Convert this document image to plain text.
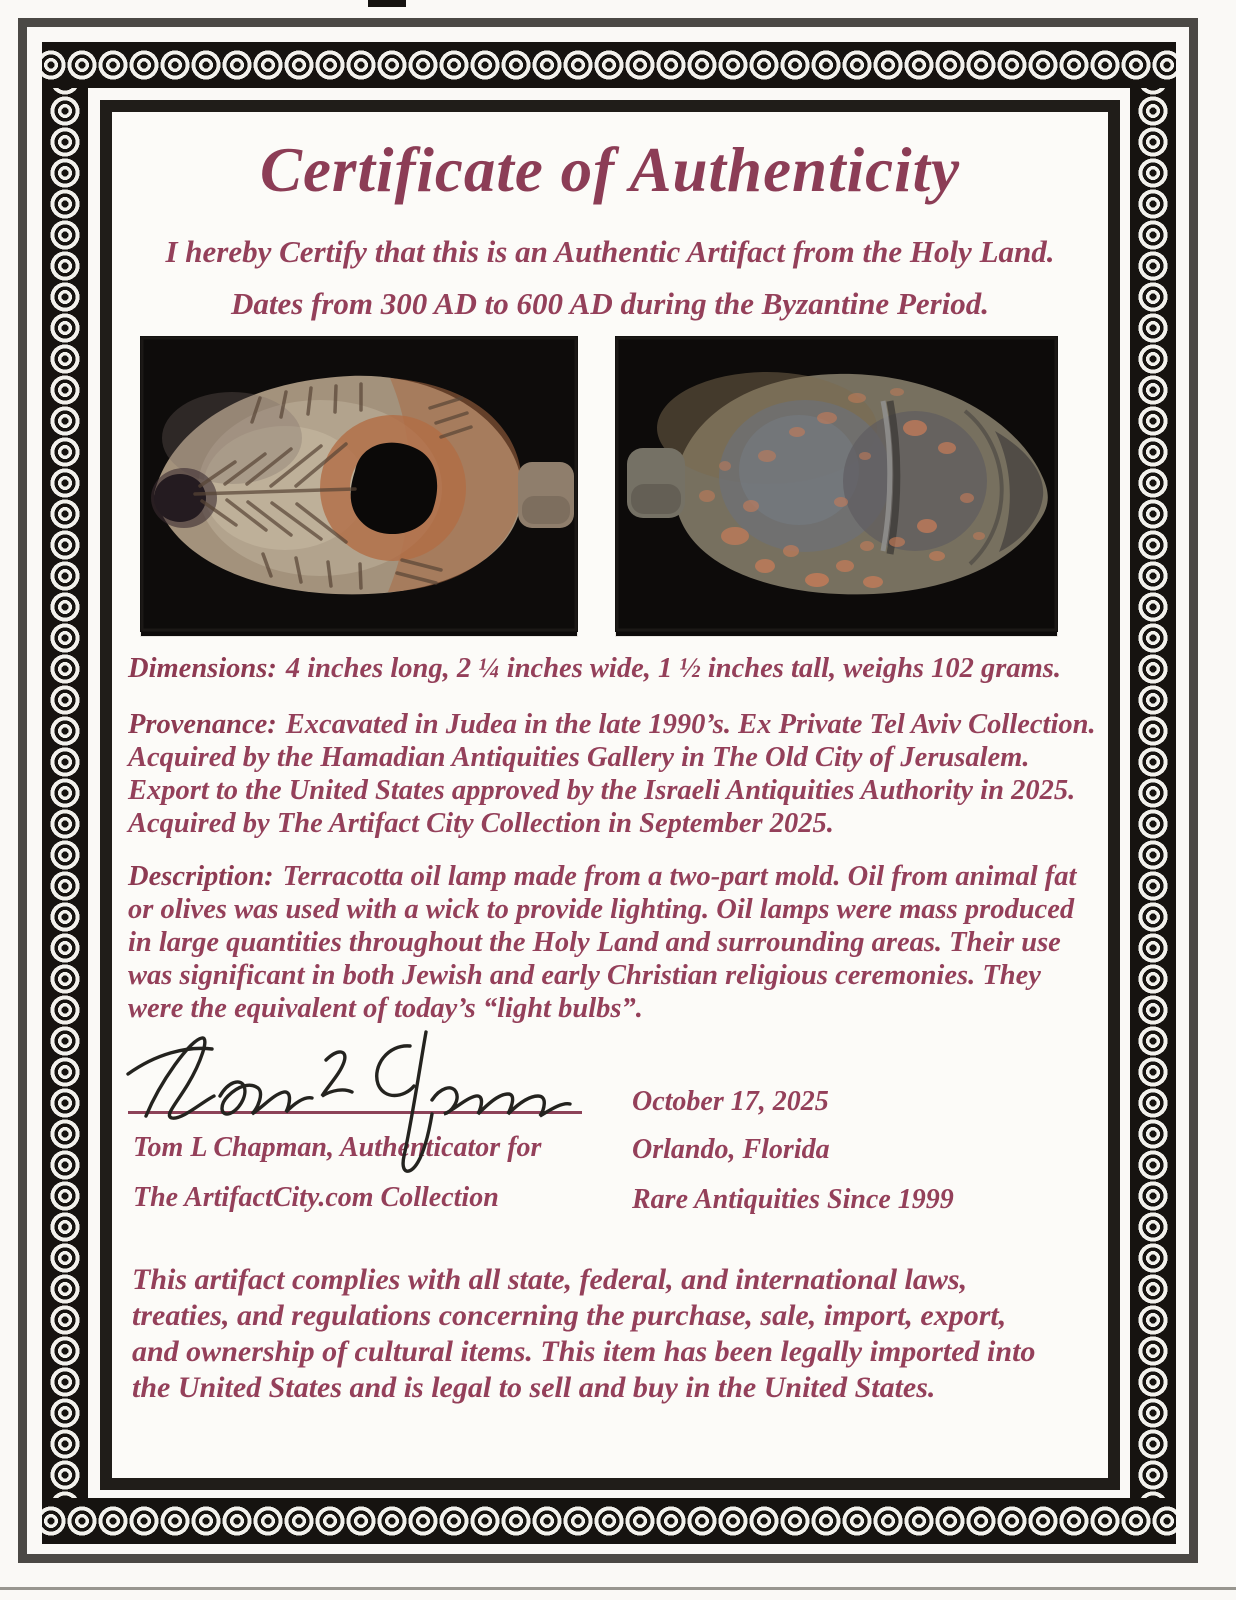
Certificate of Authenticity
I hereby Certify that this is an Authentic Artifact from the Holy Land.
Dates from 300 AD to 600 AD during the Byzantine Period.
Dimensions: 4 inches long, 2 ¼ inches wide, 1 ½ inches tall, weighs 102 grams.
Provenance: Excavated in Judea in the late 1990’s. Ex Private Tel Aviv Collection. Acquired by the Hamadian Antiquities Gallery in The Old City of Jerusalem. Export to the United States approved by the Israeli Antiquities Authority in 2025. Acquired by The Artifact City Collection in September 2025.
Description: Terracotta oil lamp made from a two-part mold. Oil from animal fat or olives was used with a wick to provide lighting. Oil lamps were mass produced in large quantities throughout the Holy Land and surrounding areas. Their use was significant in both Jewish and early Christian religious ceremonies. They were the equivalent of today’s “light bulbs”.
Tom L Chapman, Authenticator for
The ArtifactCity.com Collection
October 17, 2025
Orlando, Florida
Rare Antiquities Since 1999
This artifact complies with all state, federal, and international laws, treaties, and regulations concerning the purchase, sale, import, export, and ownership of cultural items. This item has been legally imported into the United States and is legal to sell and buy in the United States.
